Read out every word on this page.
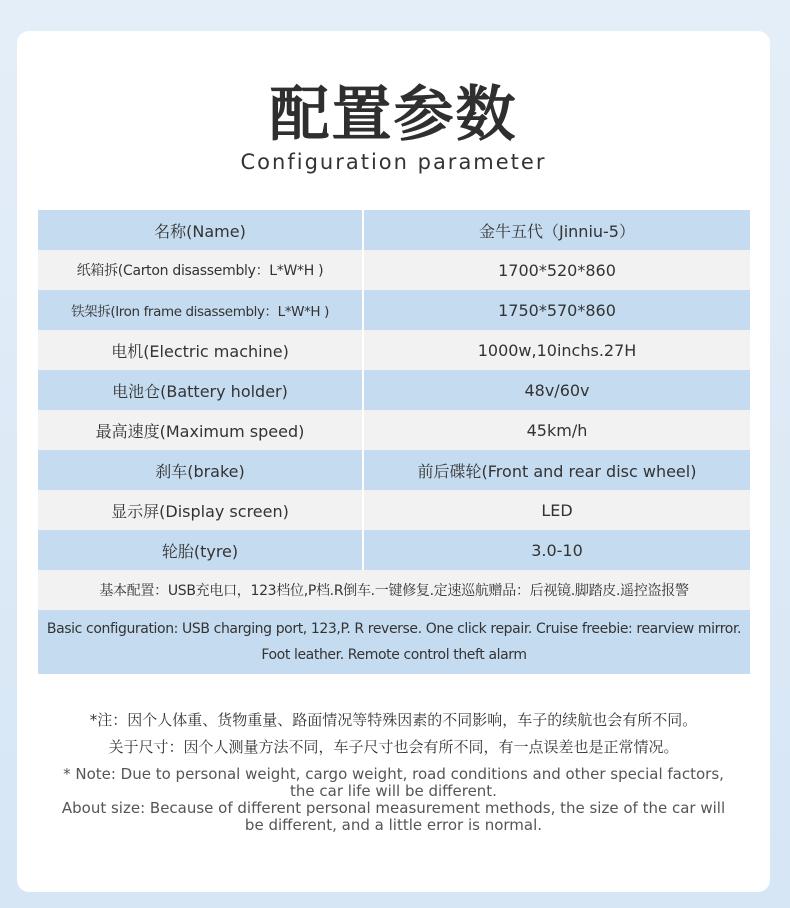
配置参数
Configuration parameter
名称(Name)	金牛五代（Jinniu-5）
纸箱拆(Carton disassembly：L*W*H )	1700*520*860
铁架拆(Iron frame disassembly：L*W*H )	1750*570*860
电机(Electric machine)	1000w,10inchs.27H
电池仓(Battery holder)	48v/60v
最高速度(Maximum speed)	45km/h
刹车(brake)	前后碟轮(Front and rear disc wheel)
显示屏(Display screen)	LED
轮胎(tyre)	3.0-10
基本配置：USB充电口，123档位,P档.R倒车.一键修复.定速巡航赠品：后视镜.脚踏皮.遥控盗报警	

Basic configuration: USB charging port, 123,P. R reverse. One click repair. Cruise freebie: rearview mirror.
Foot leather. Remote control theft alarm	
*注：因个人体重、货物重量、路面情况等特殊因素的不同影响，车子的续航也会有所不同。
关于尺寸：因个人测量方法不同，车子尺寸也会有所不同，有一点误差也是正常情况。
* Note: Due to personal weight, cargo weight, road conditions and other special factors,
the car life will be different.
About size: Because of different personal measurement methods, the size of the car will
be different, and a little error is normal.
